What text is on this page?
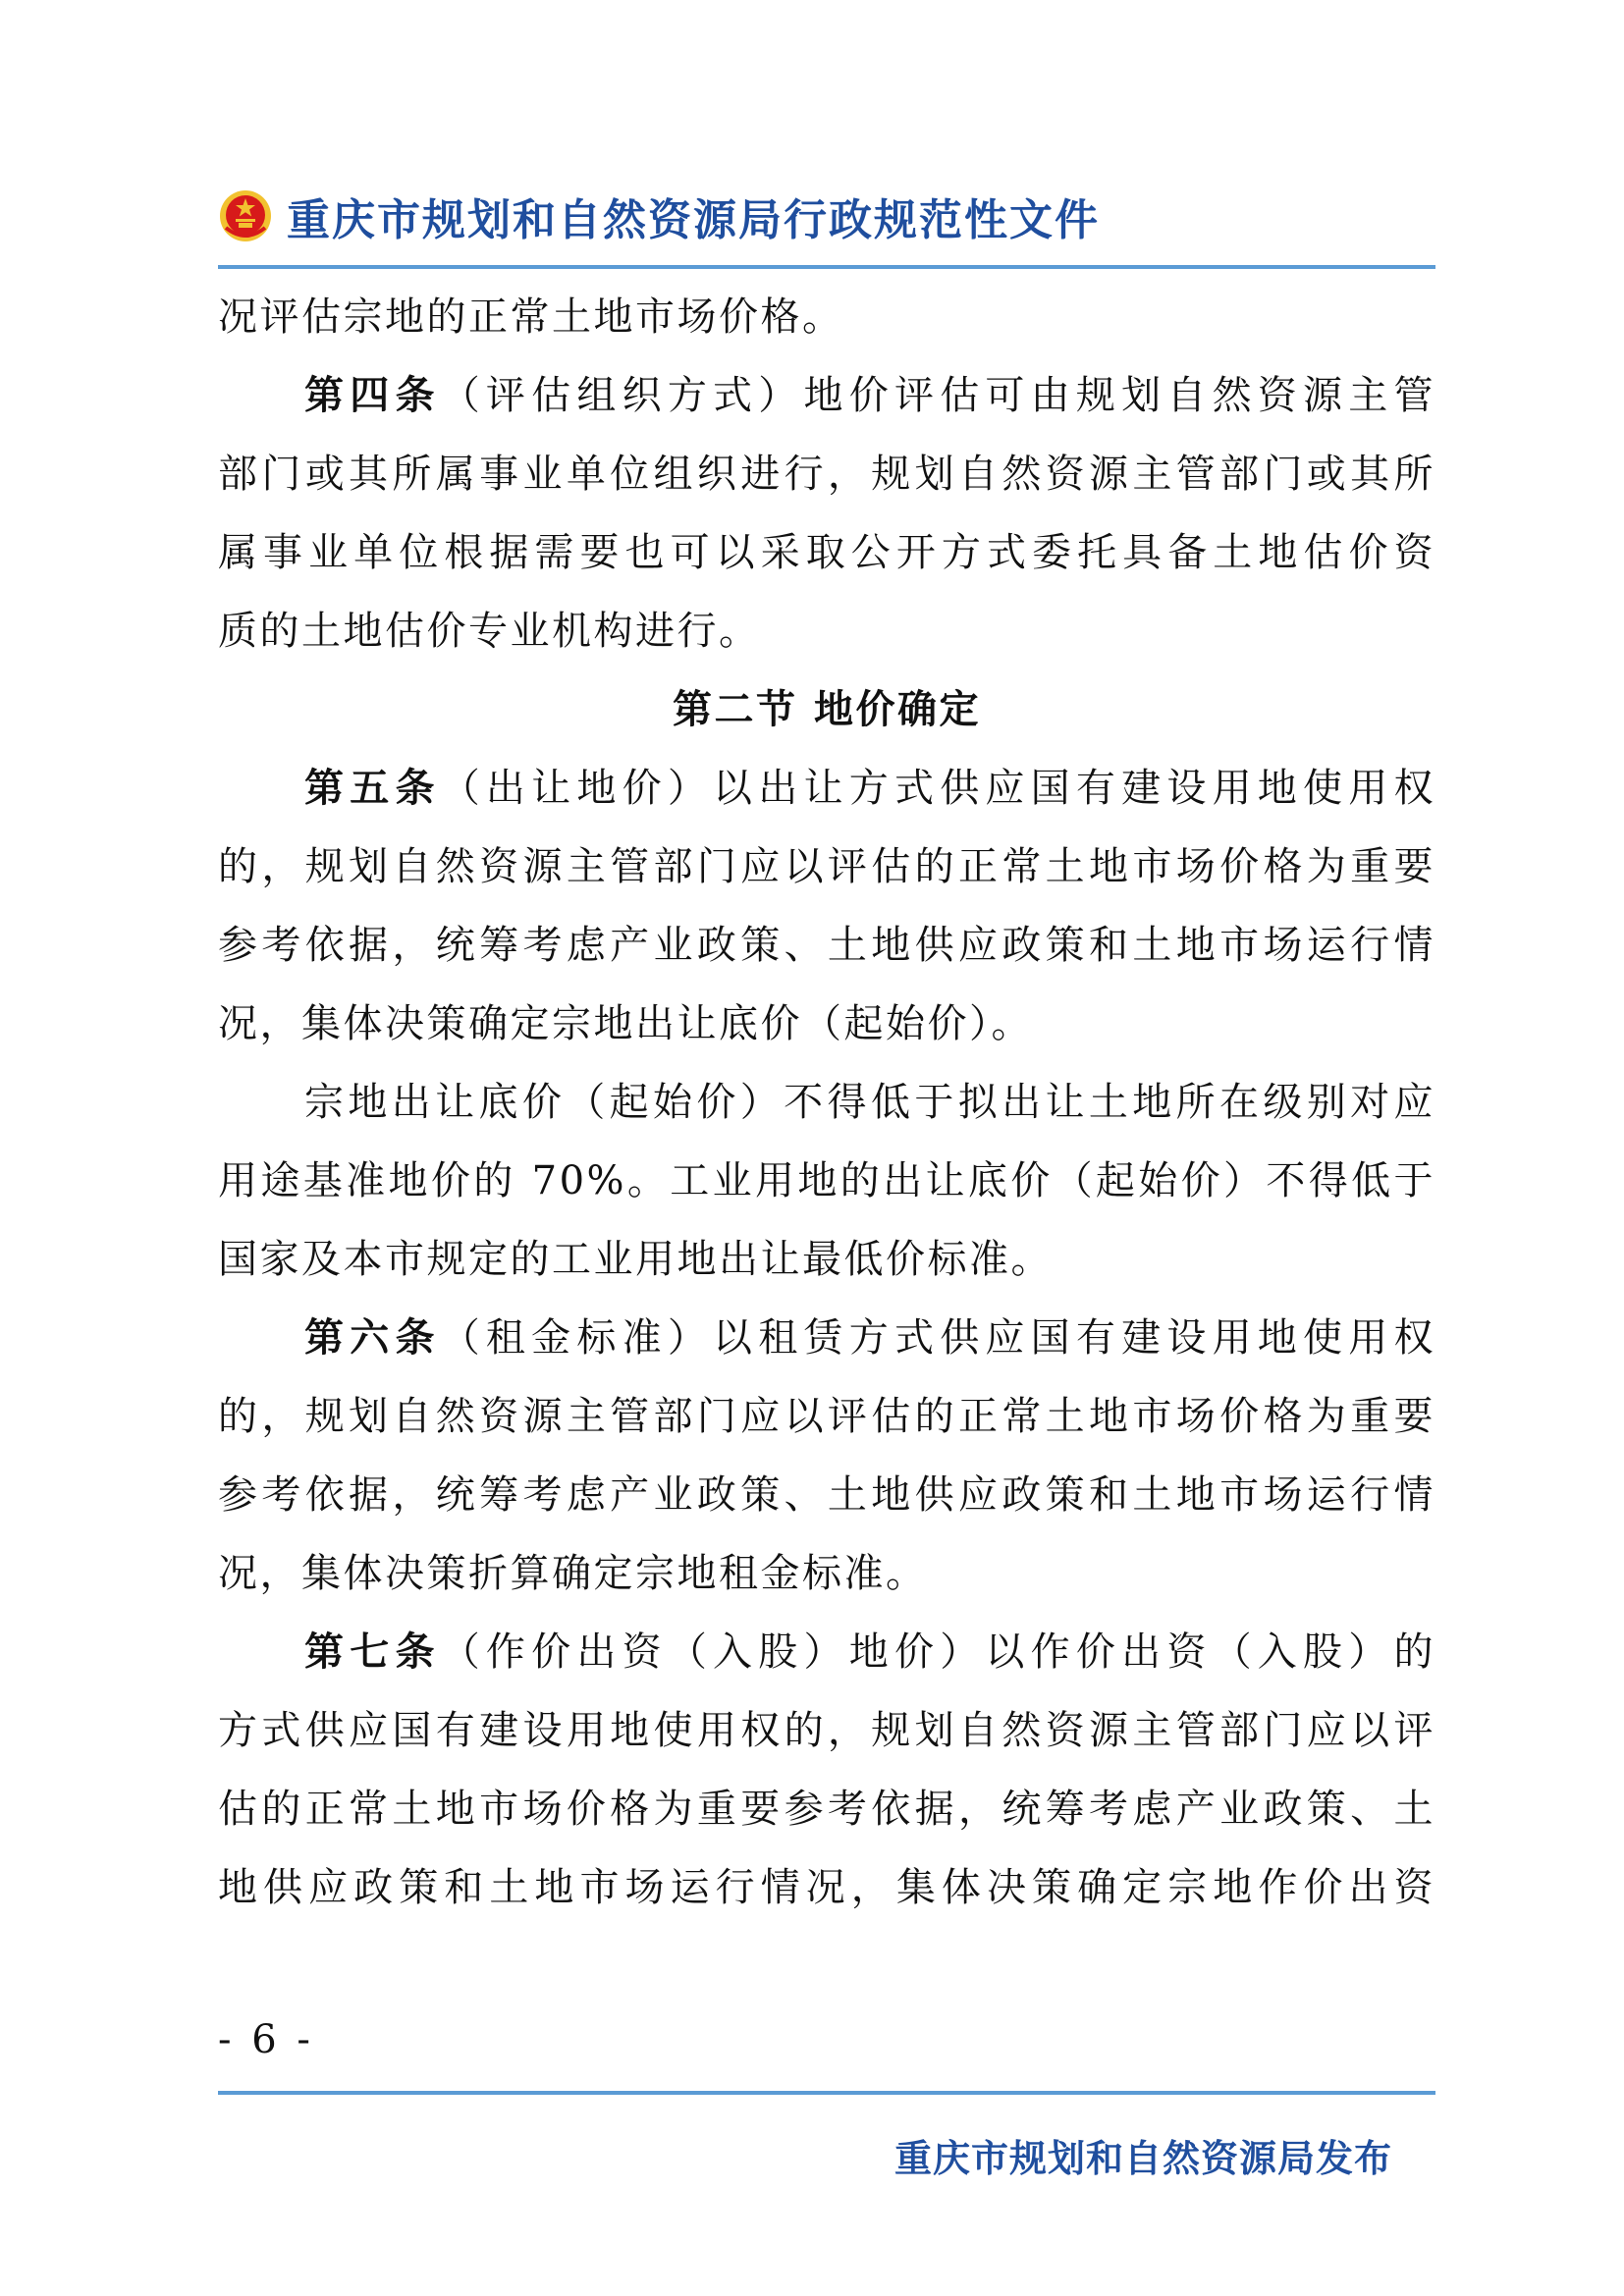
重庆市规划和自然资源局行政规范性文件
况评估宗地的正常土地市场价格。
第四条（评估组织方式）地价评估可由规划自然资源主管
部门或其所属事业单位组织进行，规划自然资源主管部门或其所
属事业单位根据需要也可以采取公开方式委托具备土地估价资
质的土地估价专业机构进行。
第二节 地价确定
第五条（出让地价）以出让方式供应国有建设用地使用权
的，规划自然资源主管部门应以评估的正常土地市场价格为重要
参考依据，统筹考虑产业政策、土地供应政策和土地市场运行情
况，集体决策确定宗地出让底价（起始价）。
宗地出让底价（起始价）不得低于拟出让土地所在级别对应
用途基准地价的 70%。工业用地的出让底价（起始价）不得低于
国家及本市规定的工业用地出让最低价标准。
第六条（租金标准）以租赁方式供应国有建设用地使用权
的，规划自然资源主管部门应以评估的正常土地市场价格为重要
参考依据，统筹考虑产业政策、土地供应政策和土地市场运行情
况，集体决策折算确定宗地租金标准。
第七条（作价出资（入股）地价）以作价出资（入股）的
方式供应国有建设用地使用权的，规划自然资源主管部门应以评
估的正常土地市场价格为重要参考依据，统筹考虑产业政策、土
地供应政策和土地市场运行情况，集体决策确定宗地作价出资
- 6 -
重庆市规划和自然资源局发布
